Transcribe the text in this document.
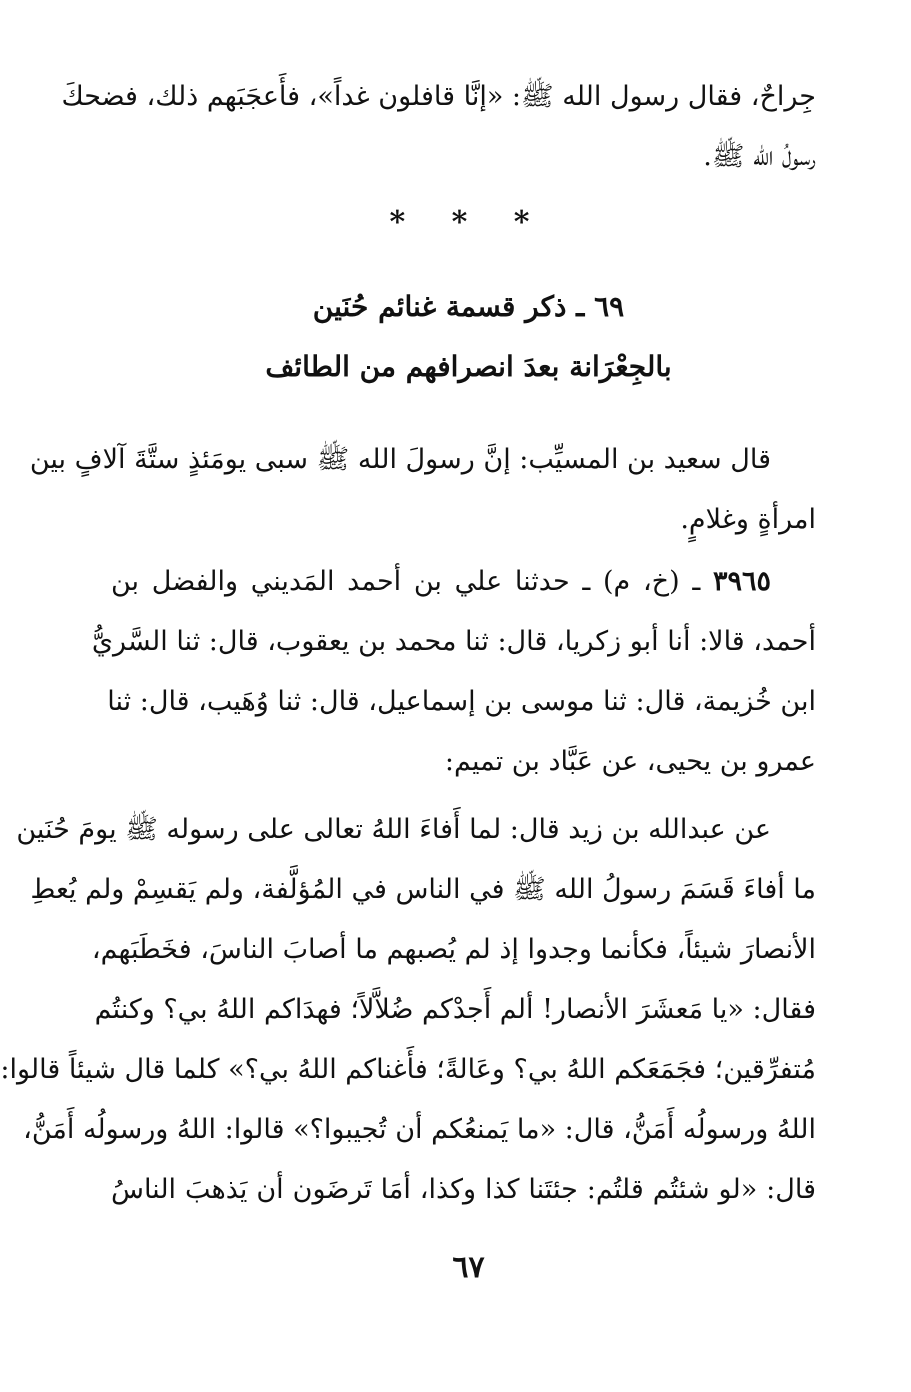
جِراحٌ، فقال رسول الله ﷺ: «إنَّا قافلون غداً»، فأَعجَبَهم ذلك، فضحكَ
رسولُ الله ﷺ.
* * *
٦٩ ـ ذكر قسمة غنائم حُنَين
بالجِعْرَانة بعدَ انصرافهم من الطائف
قال سعيد بن المسيِّب: إنَّ رسولَ الله ﷺ سبى يومَئذٍ ستَّةَ آلافٍ بين
امرأةٍ وغلامٍ.
٣٩٦٥ ـ (خ، م) ـ حدثنا علي بن أحمد المَديني والفضل بن
أحمد، قالا: أنا أبو زكريا، قال: ثنا محمد بن يعقوب، قال: ثنا السَّريُّ
ابن خُزيمة، قال: ثنا موسى بن إسماعيل، قال: ثنا وُهَيب، قال: ثنا
عمرو بن يحيى، عن عَبَّاد بن تميم:
عن عبدالله بن زيد قال: لما أَفاءَ اللهُ تعالى على رسوله ﷺ يومَ حُنَين
ما أفاءَ قَسَمَ رسولُ الله ﷺ في الناس في المُؤلَّفة، ولم يَقسِمْ ولم يُعطِ
الأنصارَ شيئاً، فكأنما وجدوا إذ لم يُصبهم ما أصابَ الناسَ، فخَطَبَهم،
فقال: «يا مَعشَرَ الأنصار! ألم أَجدْكم ضُلاَّلاً؛ فهدَاكم اللهُ بي؟ وكنتُم
مُتفرِّقين؛ فجَمَعَكم اللهُ بي؟ وعَالةً؛ فأَغناكم اللهُ بي؟» كلما قال شيئاً قالوا:
اللهُ ورسولُه أَمَنُّ، قال: «ما يَمنعُكم أن تُجيبوا؟» قالوا: اللهُ ورسولُه أَمَنُّ،
قال: «لو شئتُم قلتُم: جئتَنا كذا وكذا، أمَا تَرضَون أن يَذهبَ الناسُ
٦٧
